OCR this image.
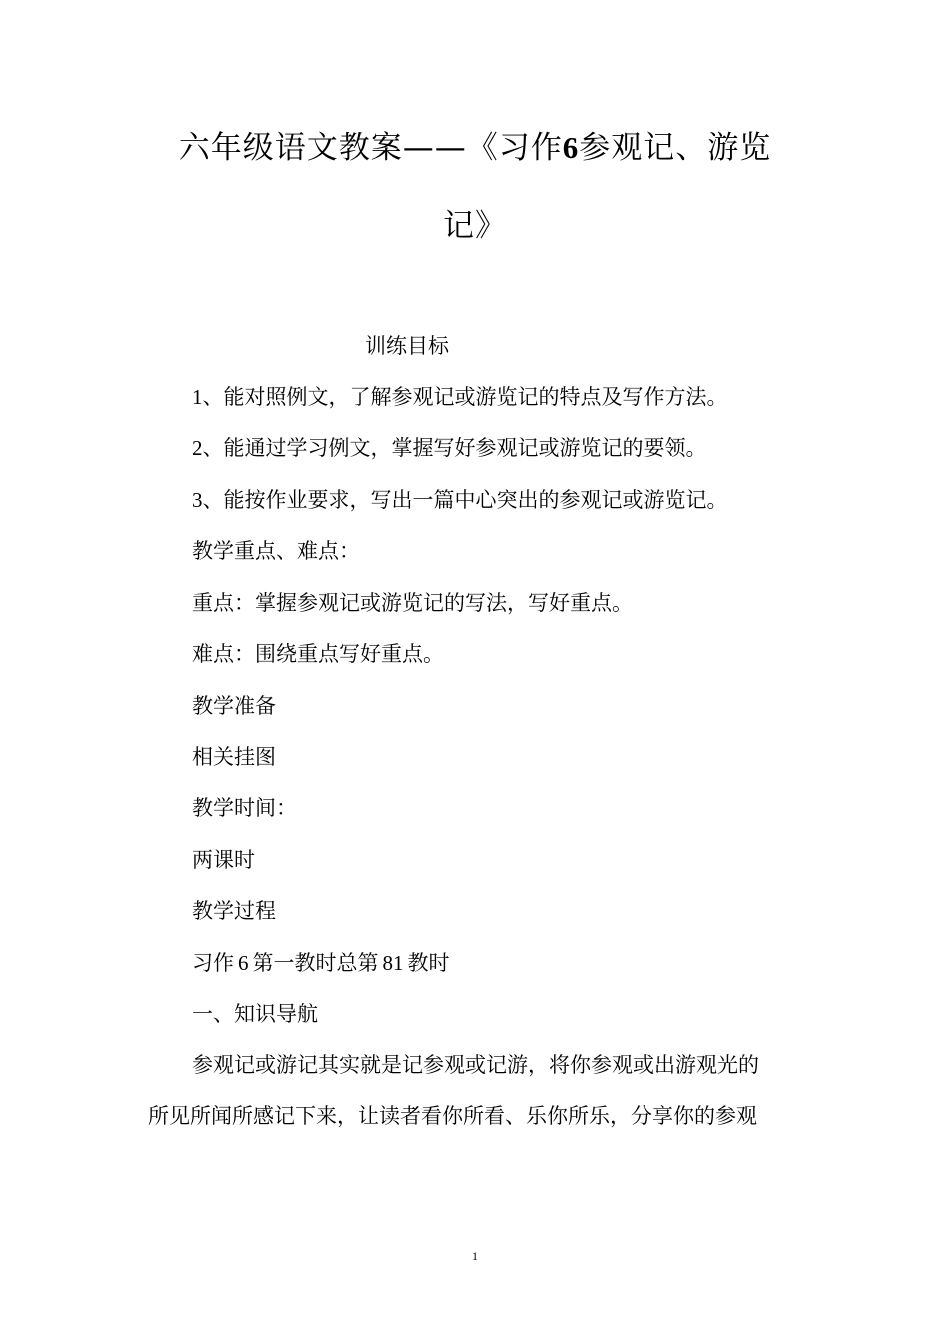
六年级语文教案——《习作6参观记、游览
记》
训练目标
1、能对照例文，了解参观记或游览记的特点及写作方法。
2、能通过学习例文，掌握写好参观记或游览记的要领。
3、能按作业要求，写出一篇中心突出的参观记或游览记。
教学重点、难点：
重点：掌握参观记或游览记的写法，写好重点。
难点：围绕重点写好重点。
教学准备
相关挂图
教学时间：
两课时
教学过程
习作 6 第一教时总第 81 教时
一、知识导航
参观记或游记其实就是记参观或记游，将你参观或出游观光的
所见所闻所感记下来，让读者看你所看、乐你所乐，分享你的参观
1
